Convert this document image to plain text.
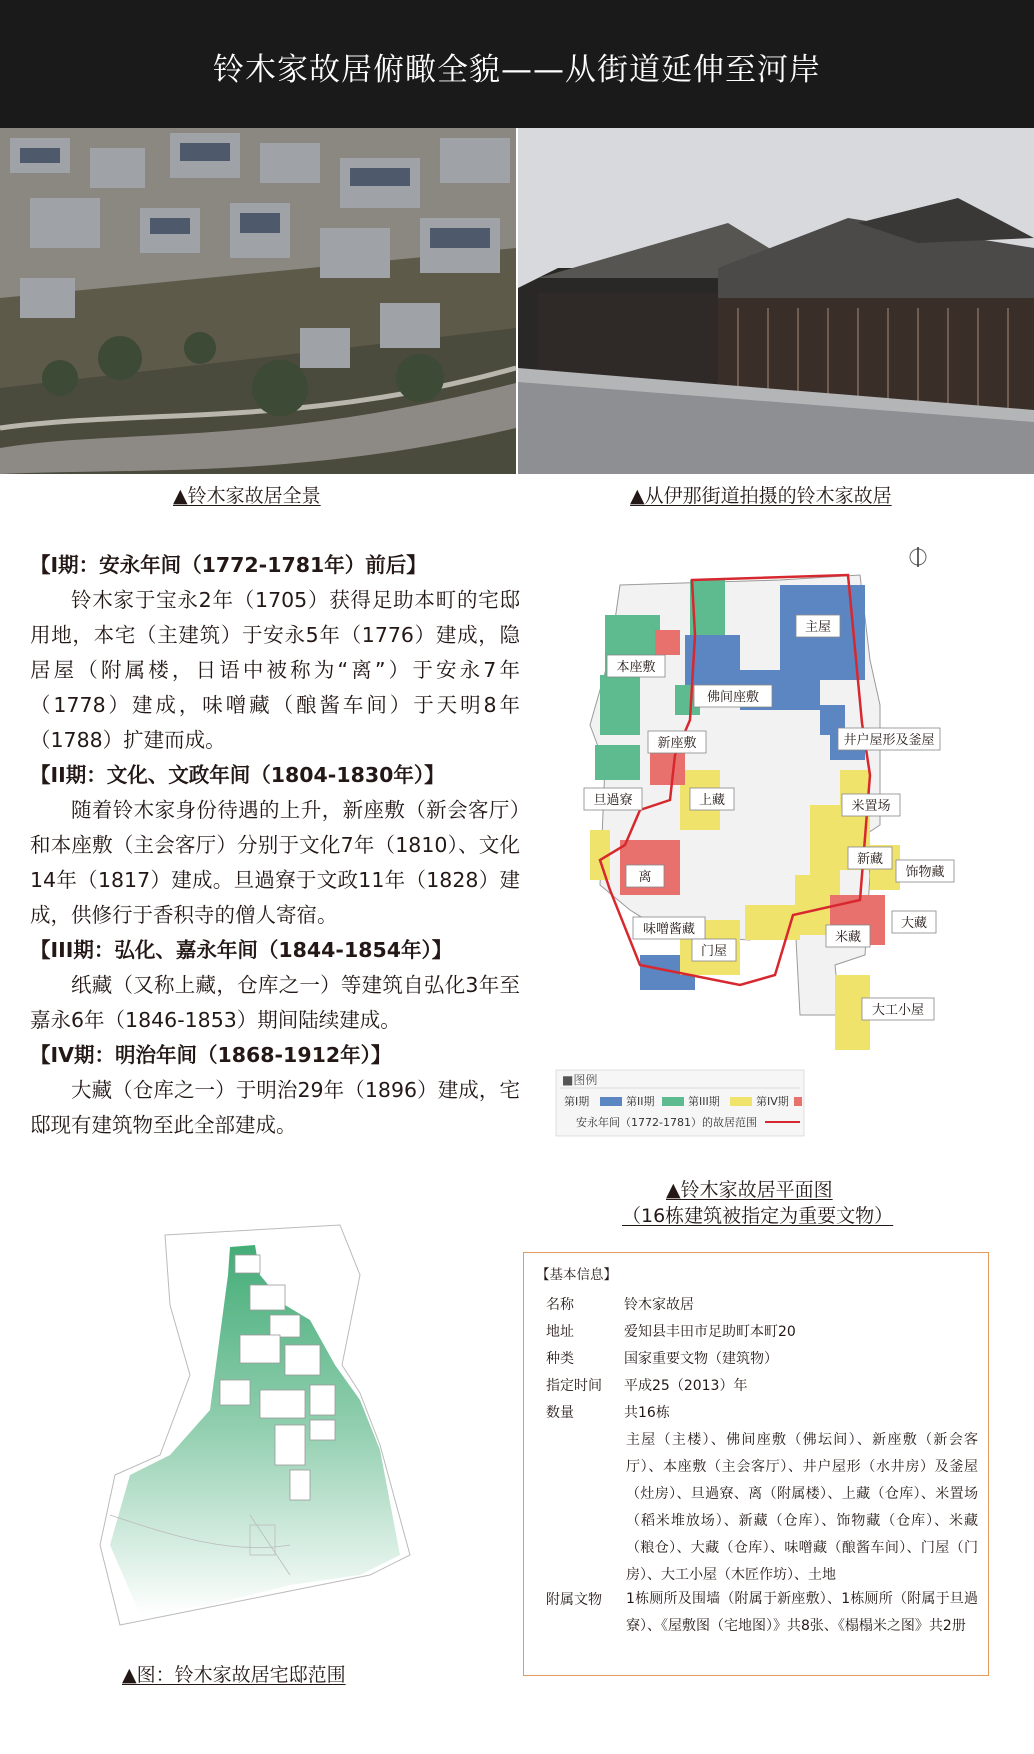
铃木家故居俯瞰全貌——从街道延伸至河岸
▲铃木家故居全景	▲从伊那街道拍摄的铃木家故居

【I期：安永年间（1772-1781年）前后】

铃木家于宝永2年（1705）获得足助本町的宅邸用地，本宅（主建筑）于安永5年（1776）建成，隐居屋（附属楼，日语中被称为“离”）于安永7年（1778）建成，味噌藏（酿酱车间）于天明8年（1788）扩建而成。

【II期：文化、文政年间（1804-1830年）】

随着铃木家身份待遇的上升，新座敷（新会客厅）和本座敷（主会客厅）分别于文化7年（1810）、文化14年（1817）建成。旦過寮于文政11年（1828）建成，供修行于香积寺的僧人寄宿。

【III期：弘化、嘉永年间（1844-1854年）】

纸藏（又称上藏，仓库之一）等建筑自弘化3年至嘉永6年（1846-1853）期间陆续建成。

【IV期：明治年间（1868-1912年）】

大藏（仓库之一）于明治29年（1896）建成，宅邸现有建筑物至此全部建成。

主屋
本座敷
佛间座敷
新座敷	井户屋形及釜屋
旦過寮	上藏	米置场
离
新藏
饰物藏
味噌酱藏
门屋
米藏
大藏
大工小屋
■图例
第I期	第II期	第III期	第IV期
安永年间（1772-1781）的故居范围
▲铃木家故居平面图
（16栋建筑被指定为重要文物）
▲图：铃木家故居宅邸范围
【基本信息】
名称	铃木家故居
地址	爱知县丰田市足助町本町20
种类	国家重要文物（建筑物）
指定时间 平成25（2013）年
数量	共16栋
主屋（主楼）、佛间座敷（佛坛间）、新座敷（新会客厅）、本座敷（主会客厅）、井户屋形（水井房）及釜屋（灶房）、旦過寮、离（附属楼）、上藏（仓库）、米置场（稻米堆放场）、新藏（仓库）、饰物藏（仓库）、米藏（粮仓）、大藏（仓库）、味噌藏（酿酱车间）、门屋（门房）、大工小屋（木匠作坊）、土地
附属文物	1栋厕所及围墙（附属于新座敷）、1栋厕所（附属于旦過寮）、《屋敷图（宅地图）》共8张、《榻榻米之图》共2册
